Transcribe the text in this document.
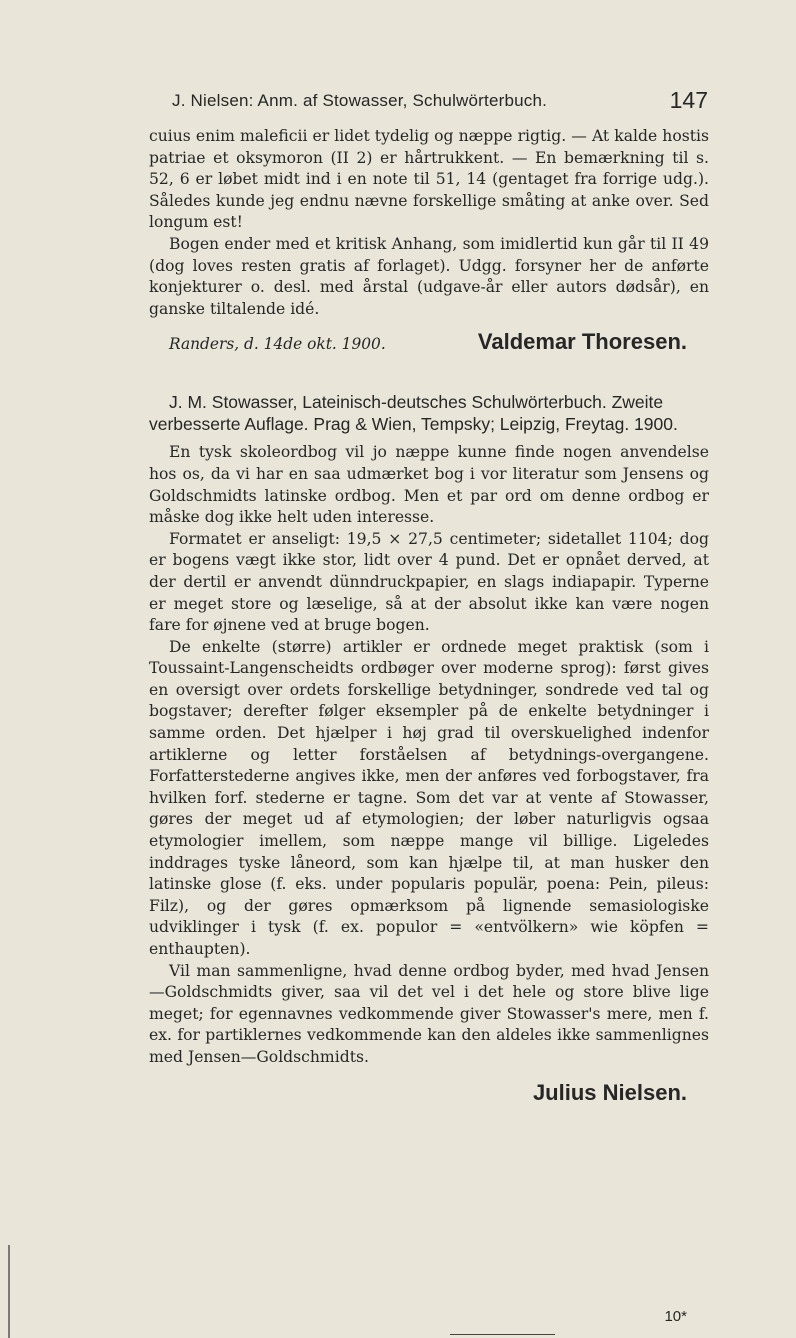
J. Nielsen: Anm. af Stowasser, Schulwörterbuch.	147

cuius enim maleficii er lidet tydelig og næppe rigtig. — At kalde hostis patriae et oksymoron (II 2) er hårtrukkent. — En bemærkning til s. 52, 6 er løbet midt ind i en note til 51, 14 (gentaget fra forrige udg.). Således kunde jeg endnu nævne forskellige småting at anke over. Sed longum est!

Bogen ender med et kritisk Anhang, som imidlertid kun går til II 49 (dog loves resten gratis af forlaget). Udgg. forsyner her de anførte konjekturer o. desl. med årstal (udgave-år eller autors dødsår), en ganske tiltalende idé.

Randers, d. 14de okt. 1900.	Valdemar Thoresen.

J. M. Stowasser, Lateinisch-deutsches Schulwörterbuch. Zweite verbesserte Auflage. Prag & Wien, Tempsky; Leipzig, Freytag. 1900.

En tysk skoleordbog vil jo næppe kunne finde nogen anvendelse hos os, da vi har en saa udmærket bog i vor literatur som Jensens og Goldschmidts latinske ordbog. Men et par ord om denne ordbog er måske dog ikke helt uden interesse.

Formatet er anseligt: 19,5 × 27,5 centimeter; sidetallet 1104; dog er bogens vægt ikke stor, lidt over 4 pund. Det er opnået derved, at der dertil er anvendt dünndruckpapier, en slags indiapapir. Typerne er meget store og læselige, så at der absolut ikke kan være nogen fare for øjnene ved at bruge bogen.

De enkelte (større) artikler er ordnede meget praktisk (som i Toussaint-Langenscheidts ordbøger over moderne sprog): først gives en oversigt over ordets forskellige betydninger, sondrede ved tal og bogstaver; derefter følger eksempler på de enkelte betydninger i samme orden. Det hjælper i høj grad til overskuelighed indenfor artiklerne og letter forståelsen af betydnings-overgangene. Forfatterstederne angives ikke, men der anføres ved forbogstaver, fra hvilken forf. stederne er tagne. Som det var at vente af Stowasser, gøres der meget ud af etymologien; der løber naturligvis ogsaa etymologier imellem, som næppe mange vil billige. Ligeledes inddrages tyske låneord, som kan hjælpe til, at man husker den latinske glose (f. eks. under popularis populär, poena: Pein, pileus: Filz), og der gøres opmærksom på lignende semasiologiske udviklinger i tysk (f. ex. populor = «entvölkern» wie köpfen = enthaupten).

Vil man sammenligne, hvad denne ordbog byder, med hvad Jensen—Goldschmidts giver, saa vil det vel i det hele og store blive lige meget; for egennavnes vedkommende giver Stowasser's mere, men f. ex. for partiklernes vedkommende kan den aldeles ikke sammenlignes med Jensen—Goldschmidts.

Julius Nielsen.
10*
